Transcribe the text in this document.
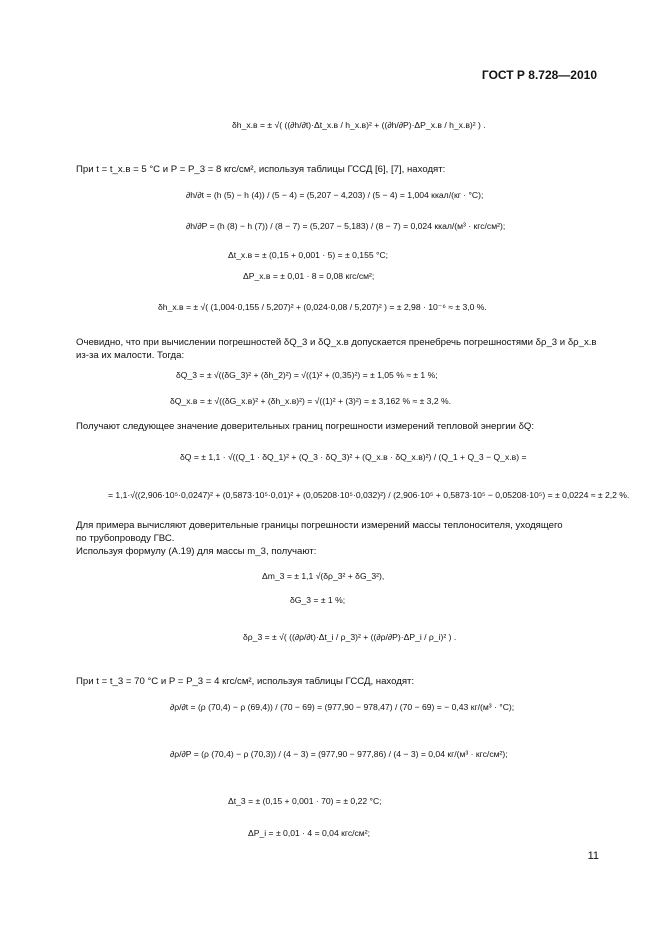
ГОСТ Р 8.728—2010
δh_x.в = ± √( ((∂h/∂t)·Δt_x.в / h_x.в)² + ((∂h/∂P)·ΔP_x.в / h_x.в)² ) .
При t = t_x.в = 5 °С и P = P_3 = 8 кгс/см², используя таблицы ГССД [6], [7], находят:
∂h/∂t = (h (5) − h (4)) / (5 − 4) = (5,207 − 4,203) / (5 − 4) = 1,004 ккал/(кг · °С);
∂h/∂P = (h (8) − h (7)) / (8 − 7) = (5,207 − 5,183) / (8 − 7) = 0,024 ккал/(м³ · кгс/см²);
Δt_x.в = ± (0,15 + 0,001 · 5) = ± 0,155 °С;
ΔP_x.в = ± 0,01 · 8 = 0,08 кгс/см²;
δh_x.в = ± √( (1,004·0,155 / 5,207)² + (0,024·0,08 / 5,207)² ) = ± 2,98 · 10⁻⁶ ≈ ± 3,0 %.
Очевидно, что при вычислении погрешностей δQ_3 и δQ_x.в допускается пренебречь погрешностями δρ_3 и δρ_x.в
из-за их малости. Тогда:
δQ_3 = ± √((δG_3)² + (δh_2)²) = √((1)² + (0,35)²) = ± 1,05 % ≈ ± 1 %;
δQ_x.в = ± √((δG_x.в)² + (δh_x.в)²) = √((1)² + (3)²) = ± 3,162 % ≈ ± 3,2 %.
Получают следующее значение доверительных границ погрешности измерений тепловой энергии δQ:
δQ = ± 1,1 · √((Q_1 · δQ_1)² + (Q_3 · δQ_3)² + (Q_x.в · δQ_x.в)²) / (Q_1 + Q_3 − Q_x.в) =
= 1,1·√((2,906·10⁵·0,0247)² + (0,5873·10⁵·0,01)² + (0,05208·10⁵·0,032)²) / (2,906·10⁵ + 0,5873·10⁵ − 0,05208·10⁵) = ± 0,0224 ≈ ± 2,2 %.
Для примера вычисляют доверительные границы погрешности измерений массы теплоносителя, уходящего
по трубопроводу ГВС.
Используя формулу (А.19) для массы m_3, получают:
Δm_3 = ± 1,1 √(δρ_3² + δG_3²),
δG_3 = ± 1 %;
δρ_3 = ± √( ((∂ρ/∂t)·Δt_i / ρ_3)² + ((∂ρ/∂P)·ΔP_i / ρ_i)² ) .
При t = t_3 = 70 °С и P = P_3 = 4 кгс/см², используя таблицы ГССД, находят:
∂ρ/∂t = (ρ (70,4) − ρ (69,4)) / (70 − 69) = (977,90 − 978,47) / (70 − 69) = − 0,43 кг/(м³ · °С);
∂ρ/∂P = (ρ (70,4) − ρ (70,3)) / (4 − 3) = (977,90 − 977,86) / (4 − 3) = 0,04 кг/(м³ · кгс/см²);
Δt_3 = ± (0,15 + 0,001 · 70) = ± 0,22 °С;
ΔP_i = ± 0,01 · 4 = 0,04 кгс/см²;
11
